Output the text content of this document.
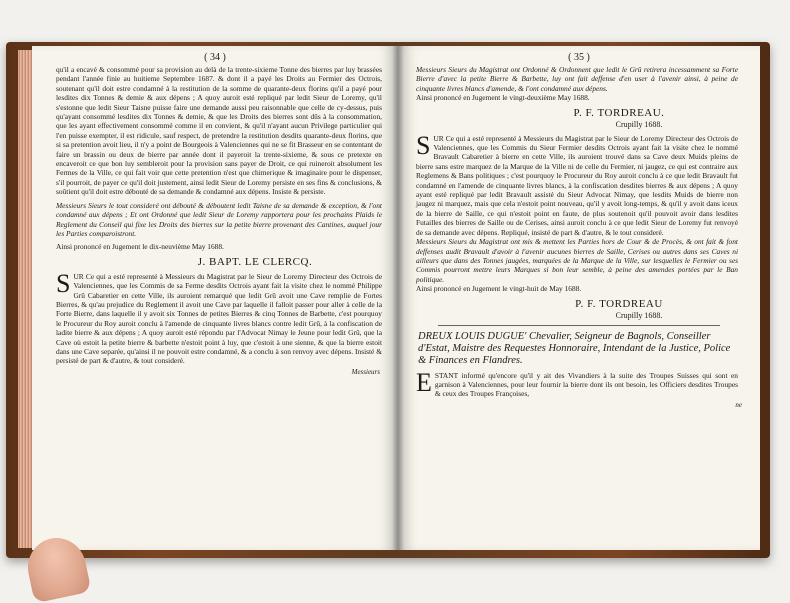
( 34 )
qu'il a encavé & consommé pour sa provision au delà de la trente-sixieme Tonne des bierres par luy brassées pendant l'année finie au huitieme Septembre 1687. & dont il a payé les Droits au Fermier des Octrois, soutenant qu'il doit estre condamné à la restitution de la somme de quarante-deux florins qu'il a payé pour lesdites dix Tonnes & demie & aux dépens ; A quoy auroit esté repliqué par ledit Sieur de Loremy, qu'il s'estonne que ledit Sieur Taisne puisse faire une demande aussi peu raisonnable que celle de cy-dessus, puis qu'ayant consommé lesdites dix Tonnes & demie, & que les Droits des bierres sont dûs à la consommation, que les ayant effectivement consommé comme il en convient, & qu'il n'ayant aucun Privilege particulier qui l'en puisse exempter, il est ridicule, sauf respect, de pretendre la restitution desdits quarante-deux florins, que si sa pretention avoit lieu, il n'y a point de Bourgeois à Valenciennes qui ne se fit Brasseur en se contentant de faire un brassin ou deux de bierre par année dont il payeroit la trente-sixieme, & sous ce pretexte en encaveroit ce que bon luy sembleroit pour la provision sans payer de Droit, ce qui ruineroit absolument les Fermes de la Ville, ce qui fait voir que cette pretention n'est que chimerique & imaginaire pour le dispenser, s'il pourroit, de payer ce qu'il doit justement, ainsi ledit Sieur de Loremy persiste en ses fins & conclusions, & soûtient qu'il doit estre débouté de sa demande & condamné aux dépens. Insiste & persiste.
Messieurs Sieurs le tout consideré ont débouté & déboutent ledit Taisne de sa demande & exception, & l'ont condamné aux dépens ; Et ont Ordonné que ledit Sieur de Loremy rapportera pour les prochains Plaids le Reglement du Conseil qui fixe les Droits des bierres sur la petite bierre provenant des Cantines, auquel jour les Parties comparoistront.
Ainsi prononcé en Jugement le dix-neuvième May 1688.
J. BAPT. LE CLERCQ.
S UR Ce qui a esté representé à Messieurs du Magistrat par le Sieur de Loremy Directeur des Octrois de Valenciennes, que les Commis de sa Ferme desdits Octrois ayant fait la visite chez le nommé Philippe Grû Cabaretier en cette Ville, ils auroient remarqué que ledit Grû avoit une Cave remplie de Fortes Bierres, & qu'au prejudice du Reglement il avoit une Cave par laquelle il falloit passer pour aller à celle de la Forte Bierre, dans laquelle il y avoit six Tonnes de petites Bierres & cinq Tonnes de Barbette, c'est pourquoy le Procureur du Roy auroit conclu à l'amende de cinquante livres blancs contre ledit Grû, à la confiscation de ladite bierre & aux dépens ; A quoy auroit esté répondu par l'Advocat Nimay le Jeune pour ledit Grû, que la Cave où estoit la petite bierre & barbette n'estoit point à luy, que c'estoit à une sienne, & que la bierre estoit dans une Cave separée, qu'ainsi il ne pouvoit estre condamné, & a conclu à son renvoy avec dépens. Insisté & persisté de part & d'autre, & tout consideré.
Messieurs
( 35 )
Messieurs Sieurs du Magistrat ont Ordonné & Ordonnent que ledit le Grû retirera incessamment sa Forte Bierre d'avec la petite Bierre & Barbette, luy ont fait deffense d'en user à l'avenir ainsi, à peine de cinquante livres blancs d'amende, & l'ont condamné aux dépens.
Ainsi prononcé en Jugement le vingt-deuxième May 1688.
P. F. TORDREAU.
Crupilly 1688.
S UR Ce qui a esté representé à Messieurs du Magistrat par le Sieur de Loremy Directeur des Octrois de Valenciennes, que les Commis du Sieur Fermier desdits Octrois ayant fait la visite chez le nommé Bravault Cabaretier à bierre en cette Ville, ils auroient trouvé dans sa Cave deux Muids pleins de bierre sans estre marquez de la Marque de la Ville ni de celle du Fermier, ni jaugez, ce qui est contraire aux Reglemens & Bans politiques ; c'est pourquoy le Procureur du Roy auroit conclu à ce que ledit Bravault fut condamné en l'amende de cinquante livres blancs, à la confiscation desdites bierres & aux dépens ; A quoy ayant esté repliqué par ledit Bravault assisté du Sieur Advocat Nimay, que lesdits Muids de bierre non jaugez ni marquez, mais que cela n'estoit point nouveau, qu'il y avoit long-temps, & qu'il y avoit dans iceux de la bierre de Saille, ce qui n'estoit point en faute, de plus soutenoit qu'il pouvoit avoir dans lesdites Futailles des bierres de Saille ou de Cerises, ainsi auroit conclu à ce que ledit Sieur de Loremy fut renvoyé de sa demande avec dépens. Repliqué, insisté de part & d'autre, & le tout consideré.
Messieurs Sieurs du Magistrat ont mis & mettent les Parties hors de Cour & de Procès, & ont fait & font deffenses audit Bravault d'avoir à l'avenir aucunes bierres de Saille, Cerises ou autres dans ses Caves ni ailleurs que dans des Tonnes jaugées, marquées de la Marque de la Ville, sur lesquelles le Fermier ou ses Commis pourront mettre leurs Marques si bon leur semble, à peine des amendes portées par le Ban politique.
Ainsi prononcé en Jugement le vingt-huit de May 1688.
P. F. TORDREAU
Crupilly 1688.
DREUX LOUIS DUGUE' Chevalier, Seigneur de Bagnols, Conseiller d'Estat, Maistre des Requestes Honnoraire, Intendant de la Justice, Police & Finances en Flandres.
E STANT informé qu'encore qu'il y ait des Vivandiers à la suite des Troupes Suisses qui sont en garnison à Valenciennes, pour leur fournir la bierre dont ils ont besoin, les Officiers desdites Troupes & ceux des Troupes Françoises,
ne
